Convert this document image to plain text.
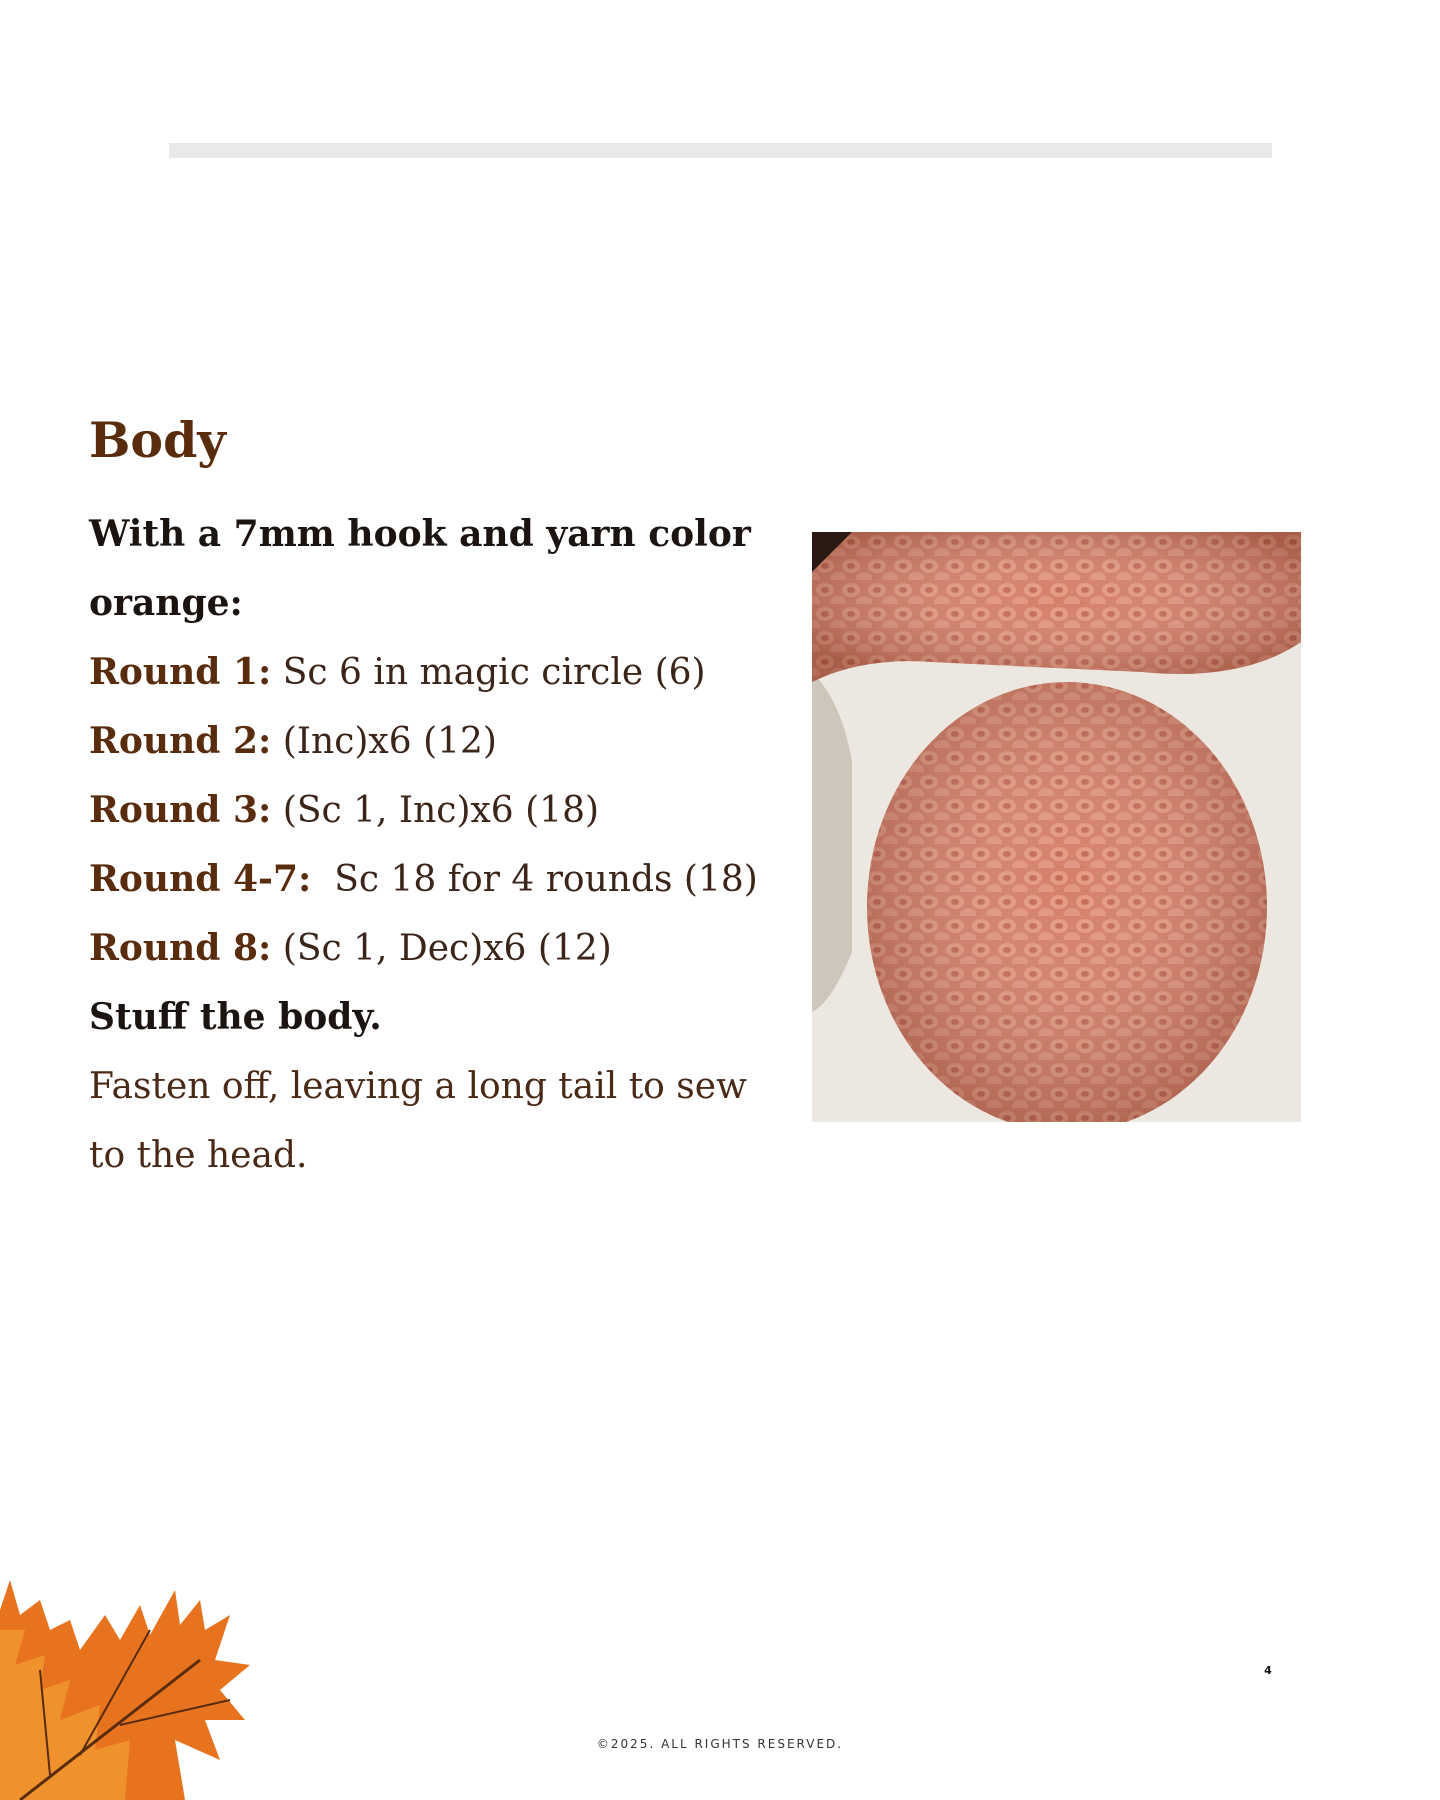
Body
With a 7mm hook and yarn color orange:
Round 1: Sc 6 in magic circle (6)
Round 2: (Inc)x6 (12)
Round 3: (Sc 1, Inc)x6 (18)
Round 4-7:  Sc 18 for 4 rounds (18)
Round 8: (Sc 1, Dec)x6 (12)
Stuff the body.
Fasten off, leaving a long tail to sew to the head.
4
©2025. ALL RIGHTS RESERVED.
